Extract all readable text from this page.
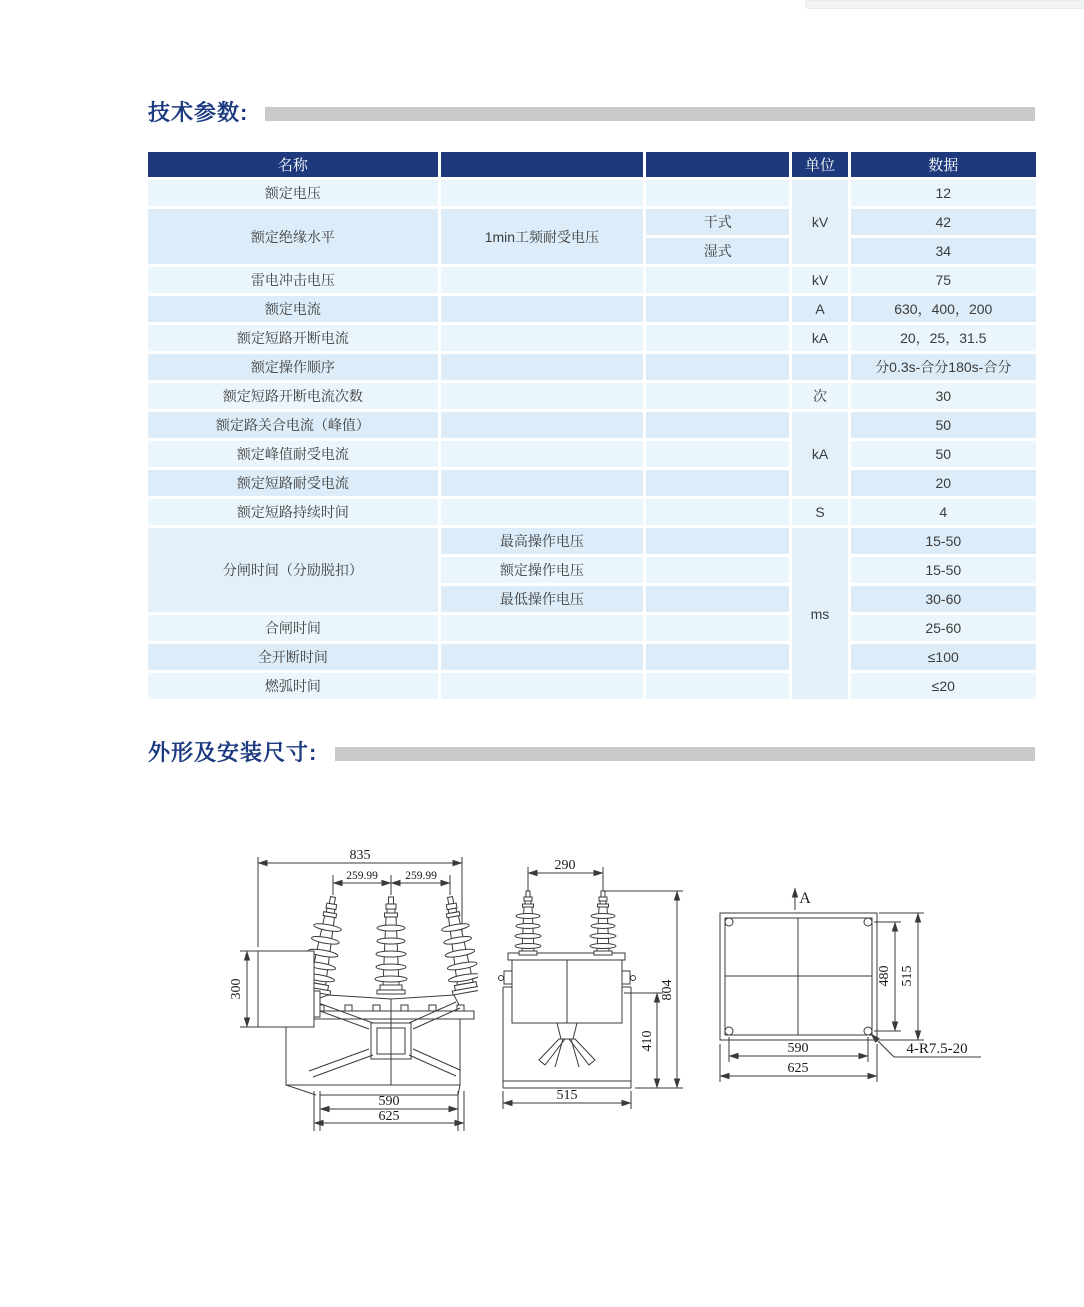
技术参数:
名称			单位	数据
额定电压			kV	12
额定绝缘水平	1min工频耐受电压	干式		42
		湿式		34
雷电冲击电压			kV	75
额定电流			A	630，400，200
额定短路开断电流			kA	20，25，31.5
额定操作顺序				分0.3s-合分180s-合分
额定短路开断电流次数			次	30
额定路关合电流（峰值）			kA	50
额定峰值耐受电流				50
额定短路耐受电流				20
额定短路持续时间			S	4
分闸时间（分励脱扣）	最高操作电压		ms	15-50
	额定操作电压			15-50
	最低操作电压			30-60
合闸时间				25-60
全开断时间				≤100
燃弧时间				≤20
外形及安装尺寸:
835
259.99 259.99
590
625
300
290
804
410
515
A
480 515
590
625
4-R7.5-20
